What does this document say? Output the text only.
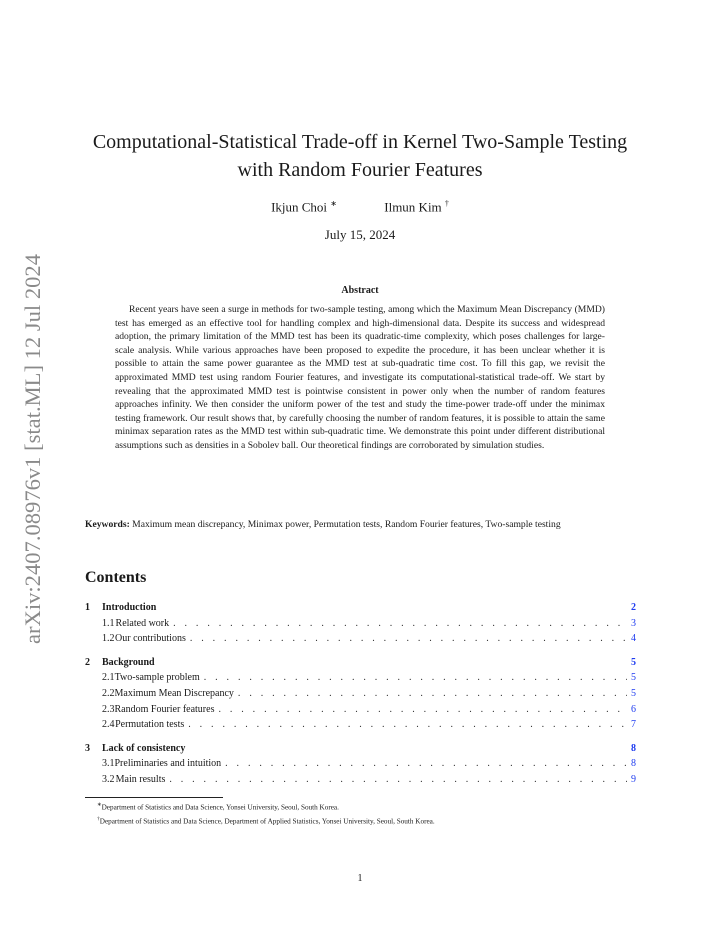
arXiv:2407.08976v1 [stat.ML] 12 Jul 2024
Computational-Statistical Trade-off in Kernel Two-Sample Testing
with Random Fourier Features
Ikjun Choi ∗	Ilmun Kim †
July 15, 2024
Abstract

Recent years have seen a surge in methods for two-sample testing, among which the Maximum Mean Discrepancy (MMD) test has emerged as an effective tool for handling complex and high-dimensional data. Despite its success and widespread adoption, the primary limitation of the MMD test has been its quadratic-time complexity, which poses challenges for large-scale analysis. While various approaches have been proposed to expedite the procedure, it has been unclear whether it is possible to attain the same power guarantee as the MMD test at sub-quadratic time cost. To fill this gap, we revisit the approximated MMD test using random Fourier features, and investigate its computational-statistical trade-off. We start by revealing that the approximated MMD test is pointwise consistent in power only when the number of random features approaches infinity. We then consider the uniform power of the test and study the time-power trade-off under the minimax testing framework. Our result shows that, by carefully choosing the number of random features, it is possible to attain the same minimax separation rates as the MMD test within sub-quadratic time. We demonstrate this point under different distributional assumptions such as densities in a Sobolev ball. Our theoretical findings are corroborated by simulation studies.

Keywords: Maximum mean discrepancy, Minimax power, Permutation tests, Random Fourier features, Two-sample testing

Contents
1	Introduction	2
1.1 Related work . . .	3
1.2 Our contributions . . .	4
2	Background	5
2.1 Two-sample problem . . .	5
2.2 Maximum Mean Discrepancy . . .	5
2.3 Random Fourier features . . .	6
2.4 Permutation tests . . .	7
3	Lack of consistency	8
3.1 Preliminaries and intuition . . .	8
3.2 Main results . . .	9
∗Department of Statistics and Data Science, Yonsei University, Seoul, South Korea.
†Department of Statistics and Data Science, Department of Applied Statistics, Yonsei University, Seoul, South Korea.
1
